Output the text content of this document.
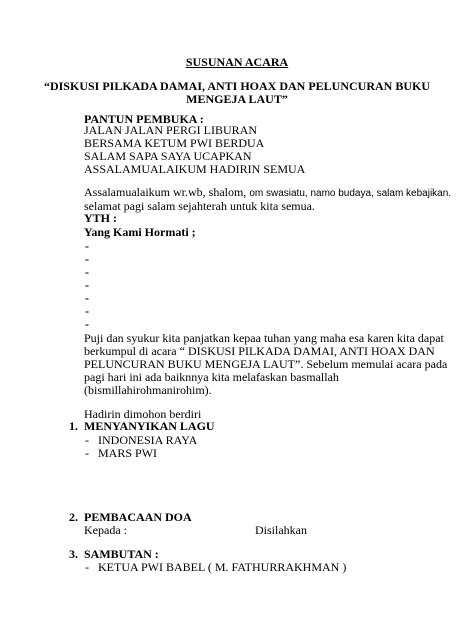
SUSUNAN ACARA
“DISKUSI PILKADA DAMAI, ANTI HOAX DAN PELUNCURAN BUKU
MENGEJA LAUT”
PANTUN PEMBUKA :
JALAN JALAN PERGI LIBURAN
BERSAMA KETUM PWI BERDUA
SALAM SAPA SAYA UCAPKAN
ASSALAMUALAIKUM HADIRIN SEMUA
Assalamualaikum wr.wb, shalom, om swasiatu, namo budaya, salam kebajikan.
selamat pagi salam sejahterah untuk kita semua.
YTH :
Yang Kami Hormati ;
-
-
-
-
-
-
-
Puji dan syukur kita panjatkan kepaa tuhan yang maha esa karen kita dapat
berkumpul di acara “ DISKUSI PILKADA DAMAI, ANTI HOAX DAN
PELUNCURAN BUKU MENGEJA LAUT”. Sebelum memulai acara pada
pagi hari ini ada baiknnya kita melafaskan basmallah
(bismillahirohmanirohim).
Hadirin dimohon berdiri
1. MENYANYIKAN LAGU
- INDONESIA RAYA
- MARS PWI
2. PEMBACAAN DOA
Kepada :	Disilahkan
3. SAMBUTAN :
- KETUA PWI BABEL ( M. FATHURRAKHMAN )
